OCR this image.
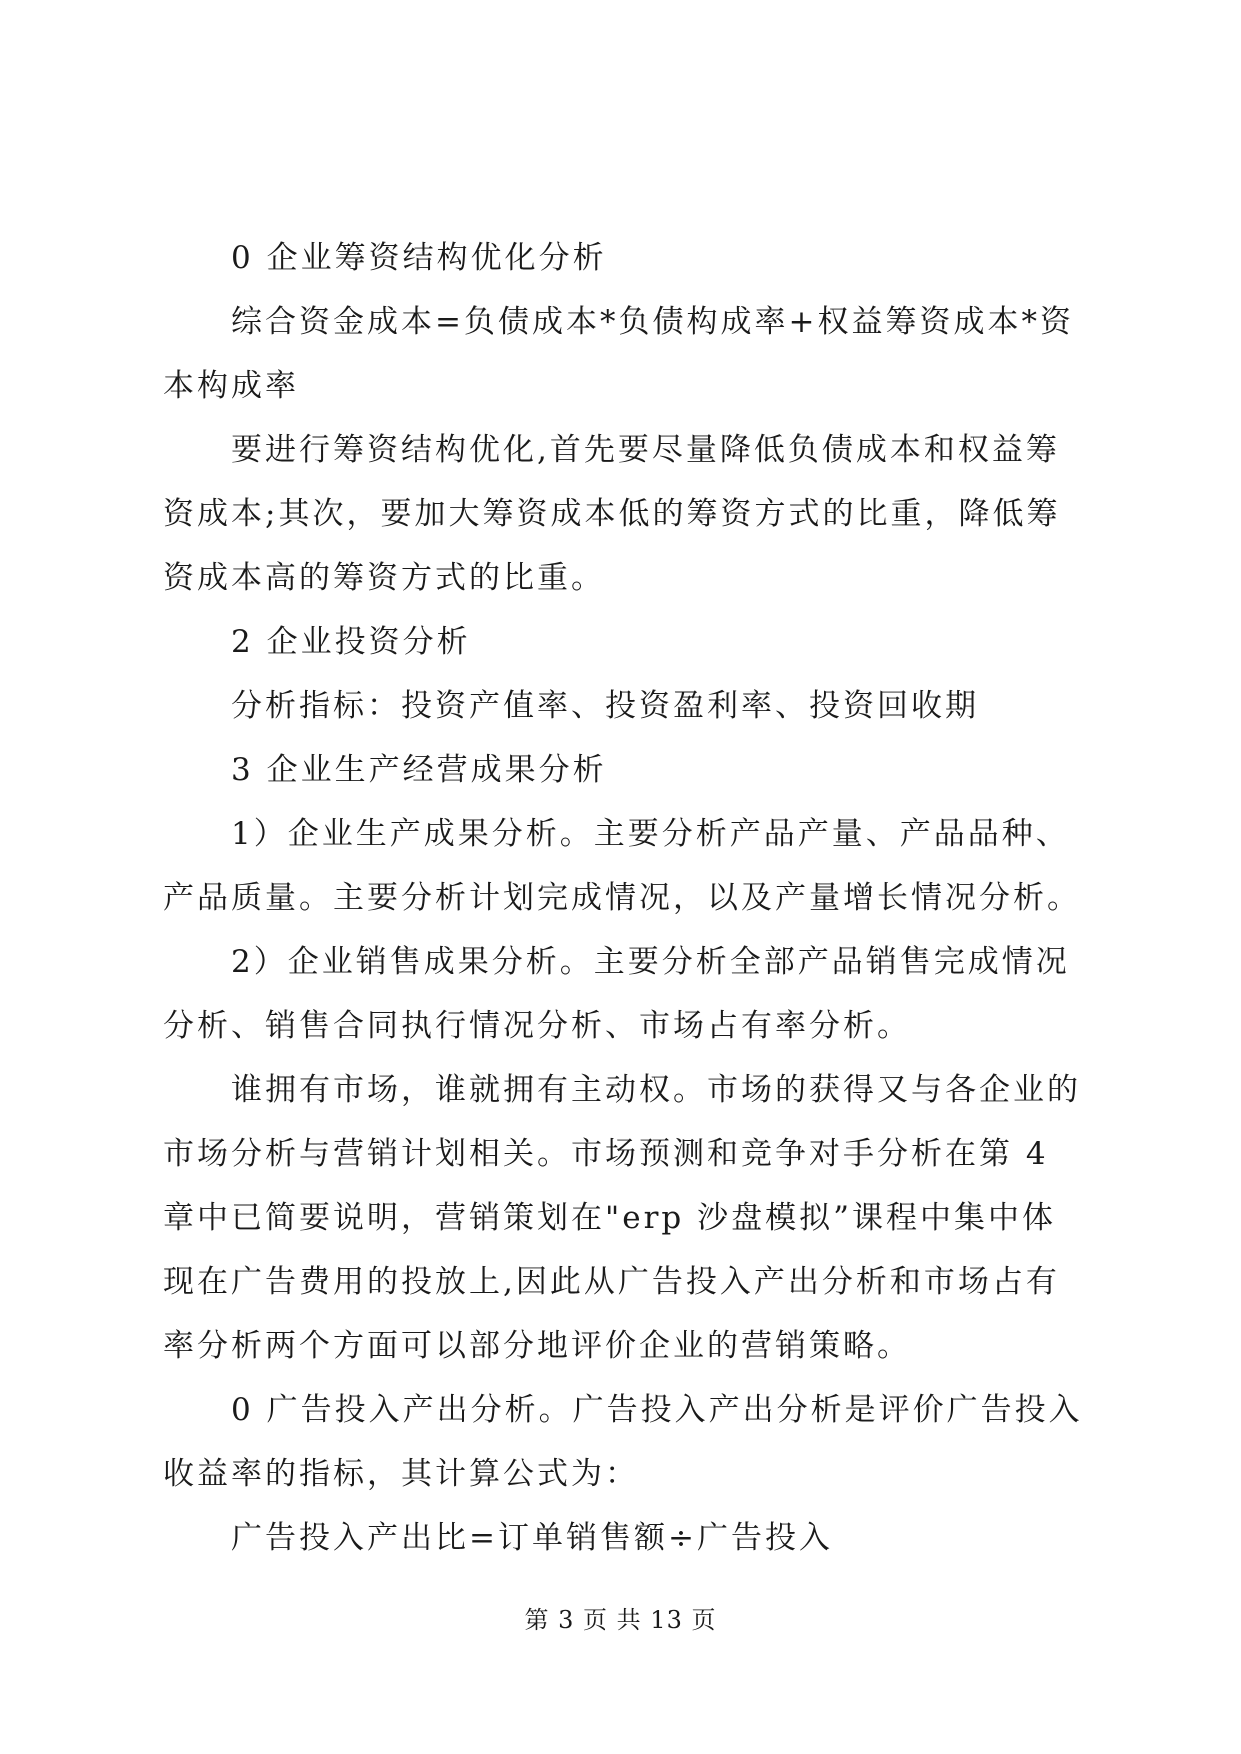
0 企业筹资结构优化分析

综合资金成本=负债成本*负债构成率+权益筹资成本*资本构成率

要进行筹资结构优化,首先要尽量降低负债成本和权益筹资成本;其次，要加大筹资成本低的筹资方式的比重，降低筹资成本高的筹资方式的比重。

2 企业投资分析

分析指标：投资产值率、投资盈利率、投资回收期

3 企业生产经营成果分析

1）企业生产成果分析。主要分析产品产量、产品品种、产品质量。主要分析计划完成情况，以及产量增长情况分析。

2）企业销售成果分析。主要分析全部产品销售完成情况分析、销售合同执行情况分析、市场占有率分析。

谁拥有市场，谁就拥有主动权。市场的获得又与各企业的市场分析与营销计划相关。市场预测和竞争对手分析在第 4 章中已简要说明，营销策划在"erp 沙盘模拟”课程中集中体现在广告费用的投放上,因此从广告投入产出分析和市场占有率分析两个方面可以部分地评价企业的营销策略。

0 广告投入产出分析。广告投入产出分析是评价广告投入收益率的指标，其计算公式为：

广告投入产出比=订单销售额÷广告投入

第 3 页 共 13 页
